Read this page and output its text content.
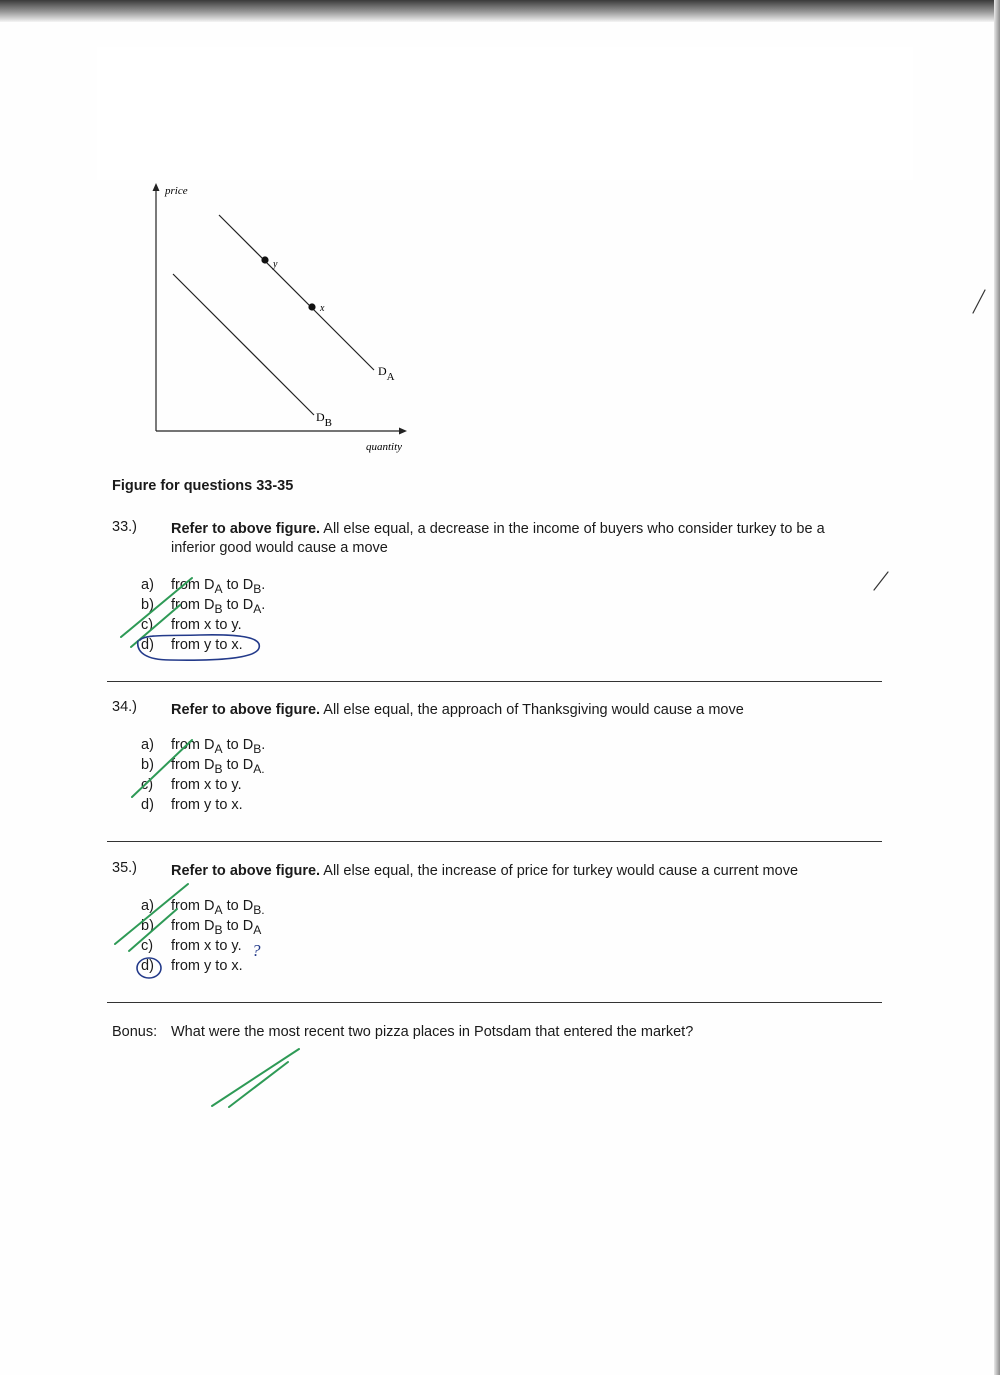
price
quantity
y
x
DA
DB
Figure for questions 33-35
33.) Refer to above figure. All else equal, a decrease in the income of buyers who consider turkey to be a inferior good would cause a move
a) from $D_A$ to $D_B$.
b) from $D_B$ to $D_A$.
c) from x to y.
d) from y to x.
34.) Refer to above figure. All else equal, the approach of Thanksgiving would cause a move
a) from $D_A$ to $D_B$.
b) from $D_B$ to $D_{A.}$
c) from x to y.
d) from y to x.
35.) Refer to above figure. All else equal, the increase of price for turkey would cause a current move
a) from $D_A$ to $D_{B.}$
b) from $D_B$ to $D_A$
c) from x to y.
d) from y to x.
Bonus: What were the most recent two pizza places in Potsdam that entered the market?
?
